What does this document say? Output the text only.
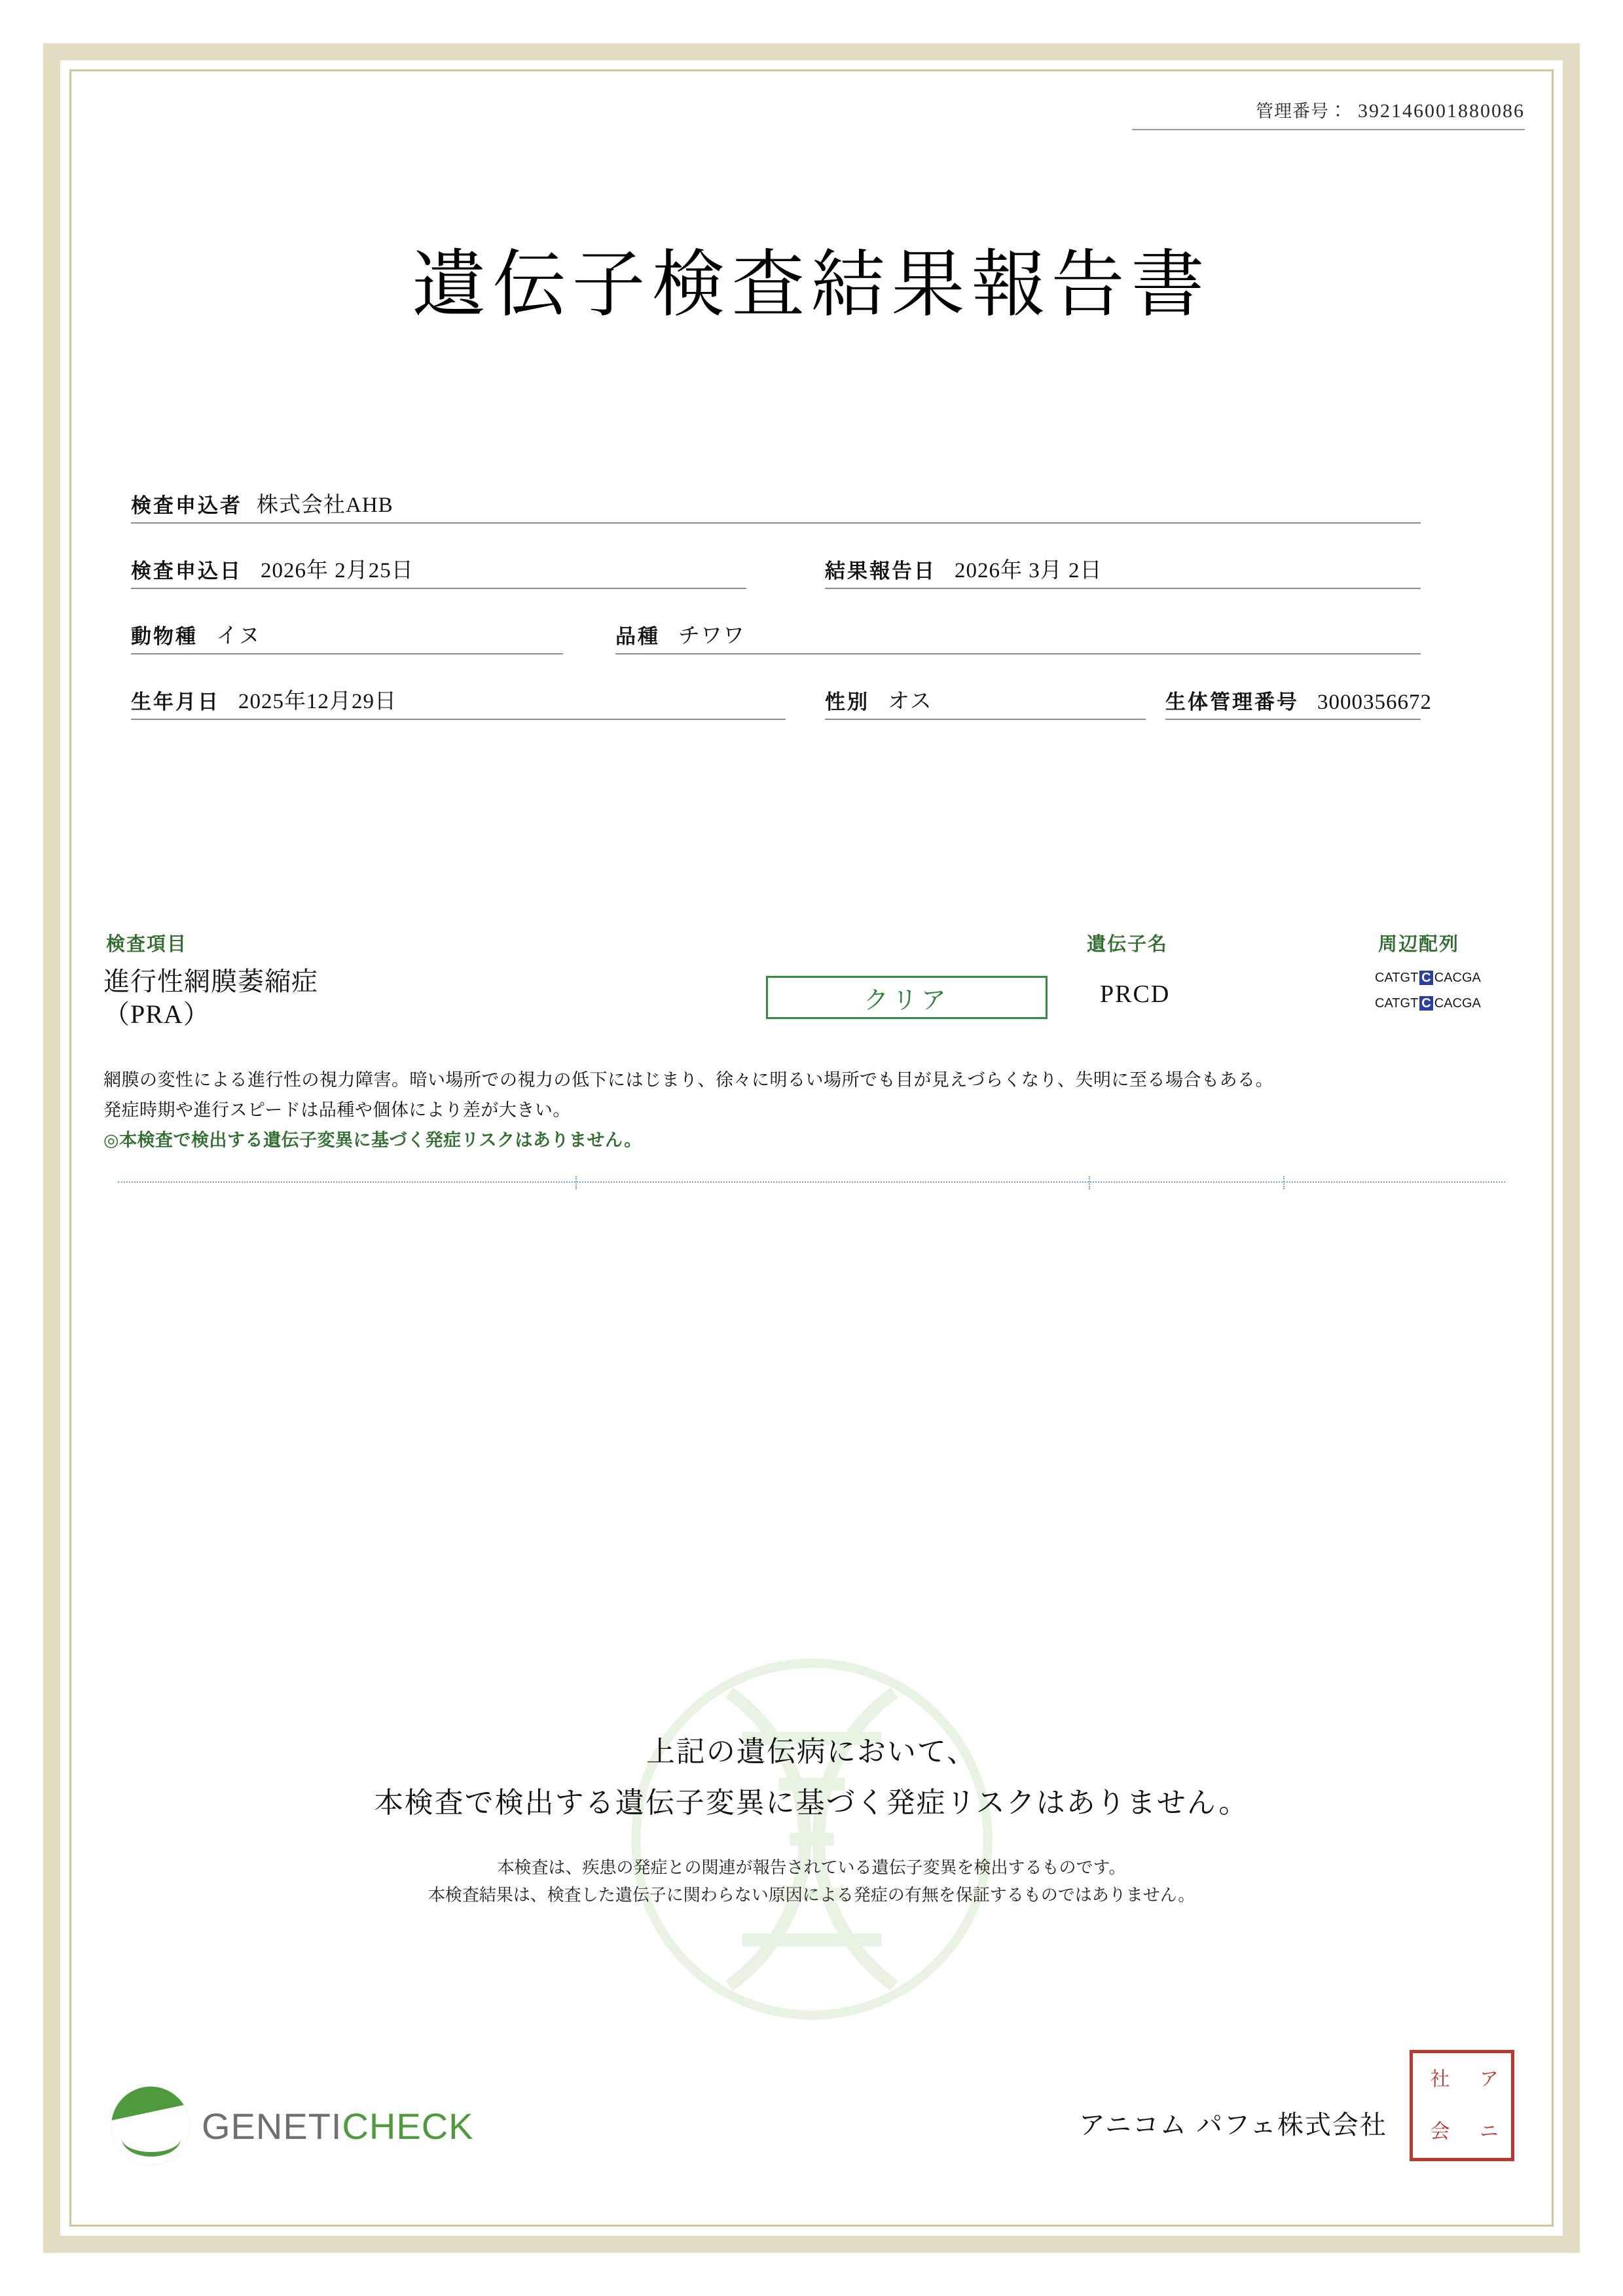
管理番号： 392146001880086
遺伝子検査結果報告書
検査申込者 株式会社AHB
検査申込日 2026年 2月25日	結果報告日 2026年 3月 2日
動物種 イヌ	品種 チワワ
生年月日 2025年12月29日	性別 オス	生体管理番号 3000356672
検査項目	遺伝子名	周辺配列
進行性網膜萎縮症
（PRA）	クリア	PRCD
CATGT C CACGA
CATGT C CACGA

網膜の変性による進行性の視力障害。暗い場所での視力の低下にはじまり、徐々に明るい場所でも目が見えづらくなり、失明に至る場合もある。

発症時期や進行スピードは品種や個体により差が大きい。

◎本検査で検出する遺伝子変異に基づく発症リスクはありません。

上記の遺伝病において、
本検査で検出する遺伝子変異に基づく発症リスクはありません。
本検査は、疾患の発症との関連が報告されている遺伝子変異を検出するものです。
本検査結果は、検査した遺伝子に関わらない原因による発症の有無を保証するものではありません。
GENETICHECK	アニコム パフェ株式会社
社	ア
会	ニ
